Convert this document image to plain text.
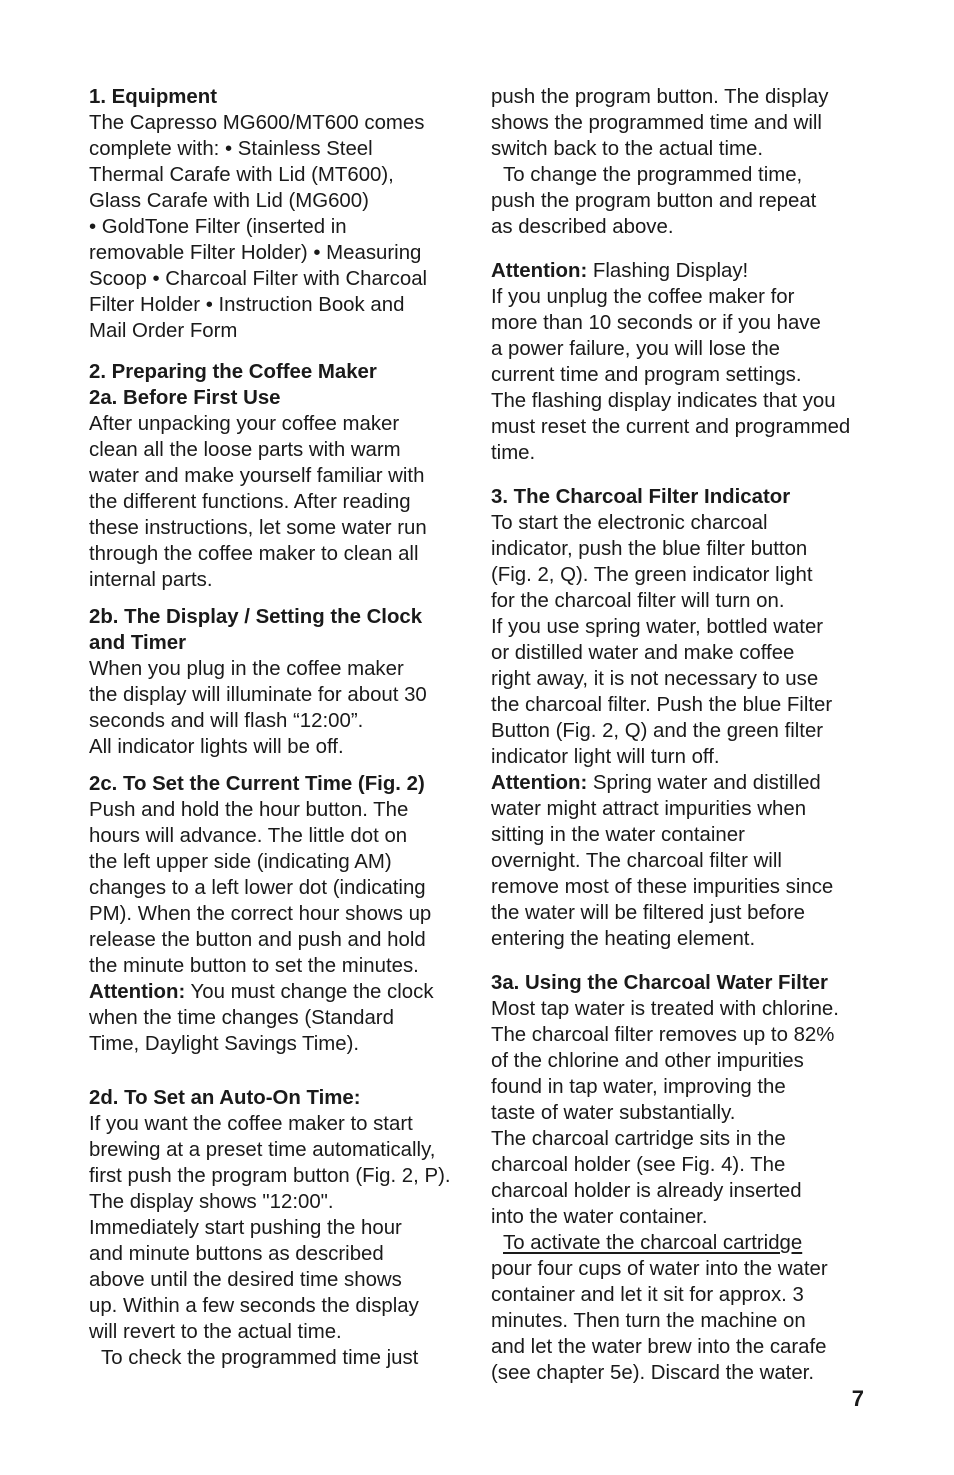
1. Equipment

The Capresso MG600/MT600 comes

complete with: • Stainless Steel

Thermal Carafe with Lid (MT600),

Glass Carafe with Lid (MG600)

• GoldTone Filter (inserted in

removable Filter Holder) • Measuring

Scoop • Charcoal Filter with Charcoal

Filter Holder • Instruction Book and

Mail Order Form

2. Preparing the Coffee Maker

2a. Before First Use

After unpacking your coffee maker

clean all the loose parts with warm

water and make yourself familiar with

the different functions. After reading

these instructions, let some water run

through the coffee maker to clean all

internal parts.

2b. The Display / Setting the Clock

and Timer

When you plug in the coffee maker

the display will illuminate for about 30

seconds and will flash “12:00”.

All indicator lights will be off.

2c. To Set the Current Time (Fig. 2)

Push and hold the hour button. The

hours will advance. The little dot on

the left upper side (indicating AM)

changes to a left lower dot (indicating

PM). When the correct hour shows up

release the button and push and hold

the minute button to set the minutes.

Attention: You must change the clock

when the time changes (Standard

Time, Daylight Savings Time).

2d. To Set an Auto-On Time:

If you want the coffee maker to start

brewing at a preset time automatically,

first push the program button (Fig. 2, P).

The display shows "12:00".

Immediately start pushing the hour

and minute buttons as described

above until the desired time shows

up. Within a few seconds the display

will revert to the actual time.

To check the programmed time just

push the program button. The display

shows the programmed time and will

switch back to the actual time.

To change the programmed time,

push the program button and repeat

as described above.

Attention: Flashing Display!

If you unplug the coffee maker for

more than 10 seconds or if you have

a power failure, you will lose the

current time and program settings.

The flashing display indicates that you

must reset the current and programmed

time.

3. The Charcoal Filter Indicator

To start the electronic charcoal

indicator, push the blue filter button

(Fig. 2, Q). The green indicator light

for the charcoal filter will turn on.

If you use spring water, bottled water

or distilled water and make coffee

right away, it is not necessary to use

the charcoal filter. Push the blue Filter

Button (Fig. 2, Q) and the green filter

indicator light will turn off.

Attention: Spring water and distilled

water might attract impurities when

sitting in the water container

overnight. The charcoal filter will

remove most of these impurities since

the water will be filtered just before

entering the heating element.

3a. Using the Charcoal Water Filter

Most tap water is treated with chlorine.

The charcoal filter removes up to 82%

of the chlorine and other impurities

found in tap water, improving the

taste of water substantially.

The charcoal cartridge sits in the

charcoal holder (see Fig. 4). The

charcoal holder is already inserted

into the water container.

To activate the charcoal cartridge

pour four cups of water into the water

container and let it sit for approx. 3

minutes. Then turn the machine on

and let the water brew into the carafe

(see chapter 5e). Discard the water.

7
